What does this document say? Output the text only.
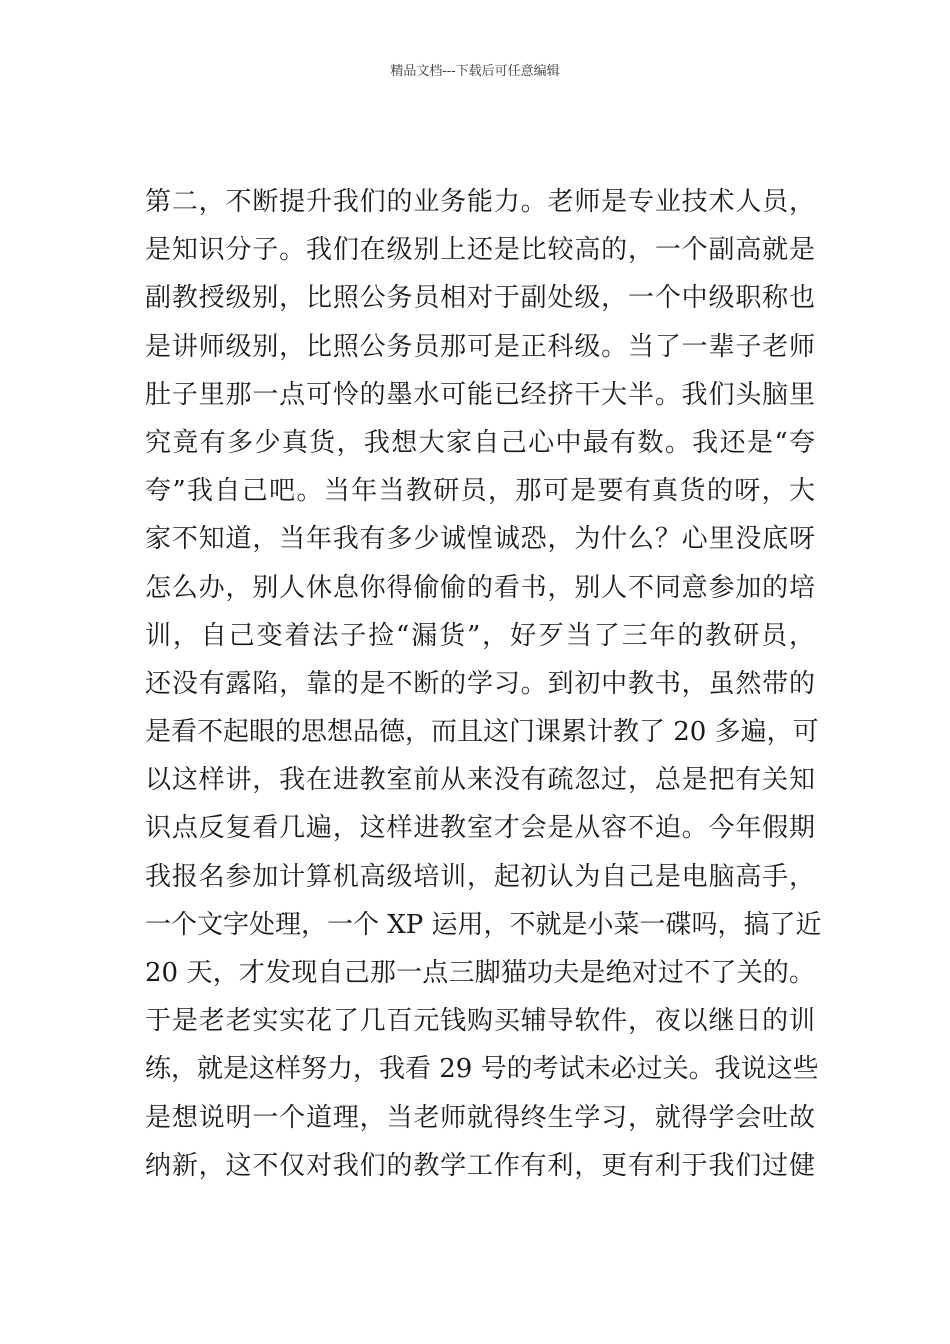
精品文档---下载后可任意编辑
第二，不断提升我们的业务能力。老师是专业技术人员，
是知识分子。我们在级别上还是比较高的，一个副高就是
副教授级别，比照公务员相对于副处级，一个中级职称也
是讲师级别，比照公务员那可是正科级。当了一辈子老师
肚子里那一点可怜的墨水可能已经挤干大半。我们头脑里
究竟有多少真货，我想大家自己心中最有数。我还是“夸
夸”我自己吧。当年当教研员，那可是要有真货的呀，大
家不知道，当年我有多少诚惶诚恐，为什么？心里没底呀
怎么办，别人休息你得偷偷的看书，别人不同意参加的培
训，自己变着法子捡“漏货”，好歹当了三年的教研员，
还没有露陷，靠的是不断的学习。到初中教书，虽然带的
是看不起眼的思想品德，而且这门课累计教了 20 多遍，可
以这样讲，我在进教室前从来没有疏忽过，总是把有关知
识点反复看几遍，这样进教室才会是从容不迫。今年假期
我报名参加计算机高级培训，起初认为自己是电脑高手，
一个文字处理，一个 XP 运用，不就是小菜一碟吗，搞了近
20 天，才发现自己那一点三脚猫功夫是绝对过不了关的。
于是老老实实花了几百元钱购买辅导软件，夜以继日的训
练，就是这样努力，我看 29 号的考试未必过关。我说这些
是想说明一个道理，当老师就得终生学习，就得学会吐故
纳新，这不仅对我们的教学工作有利，更有利于我们过健
